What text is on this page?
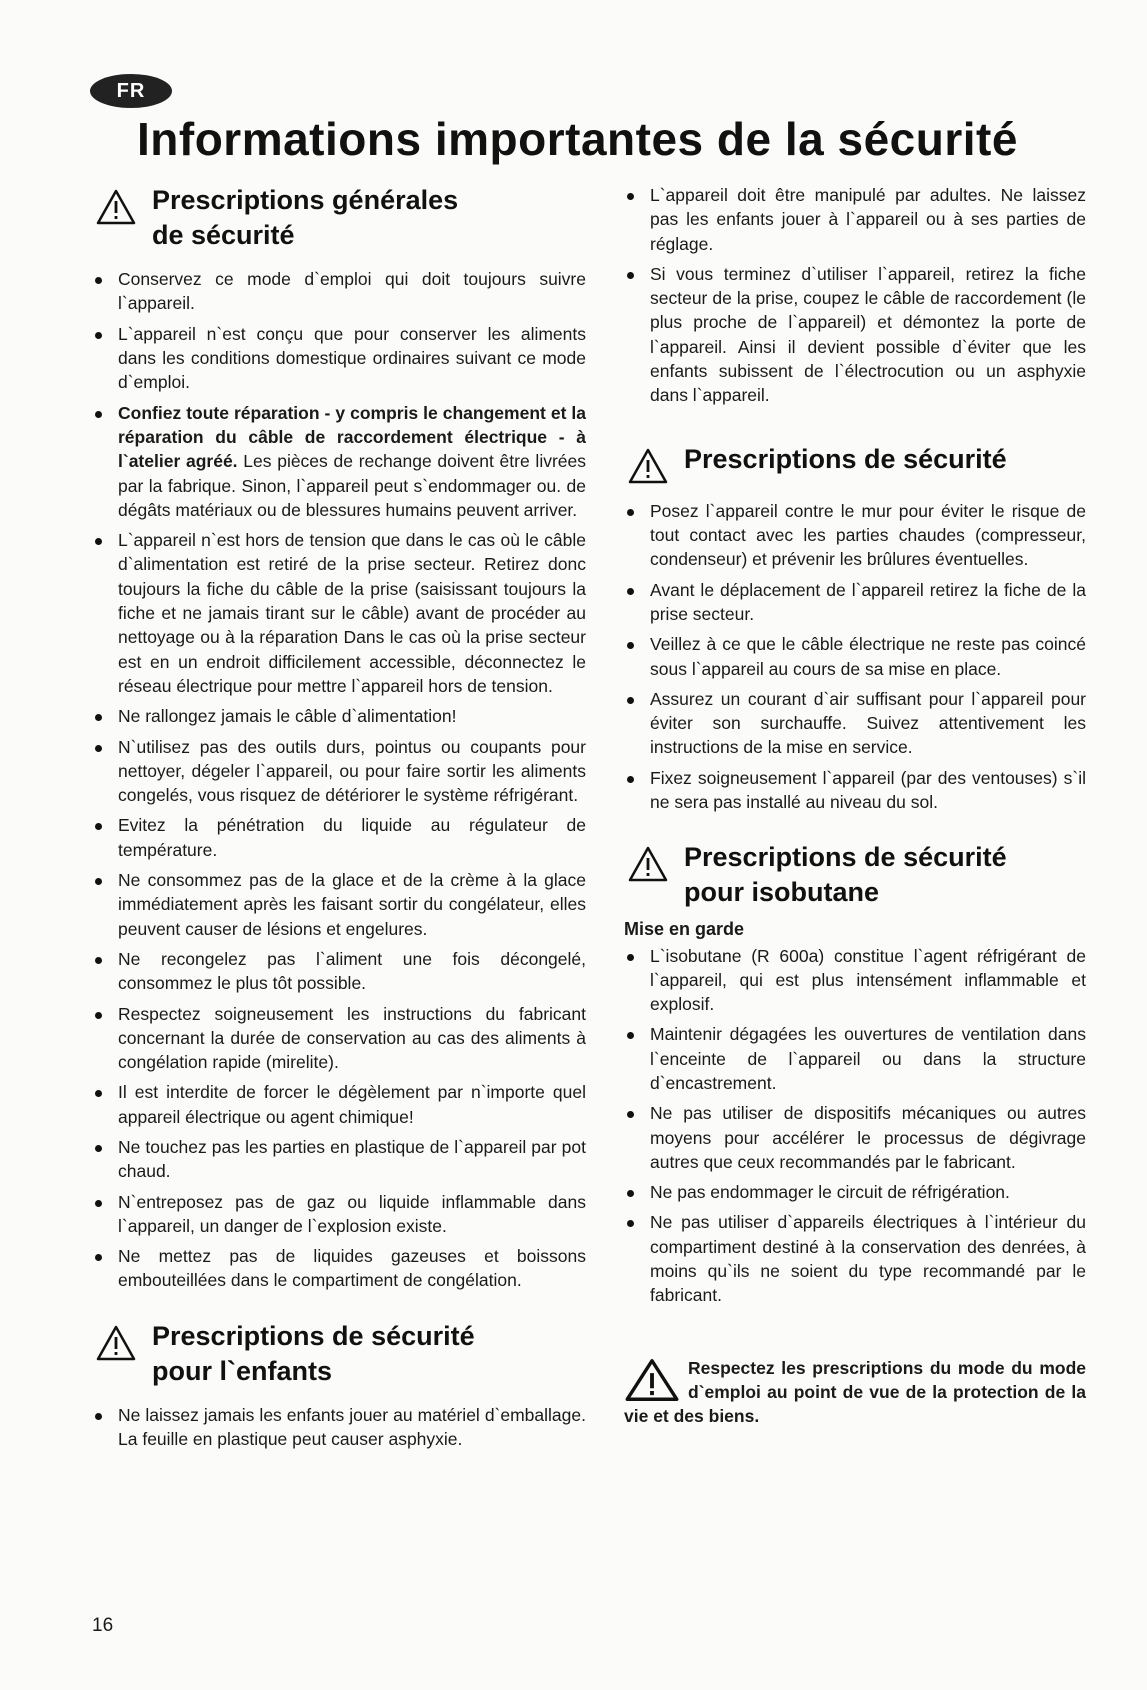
FR
Informations importantes de la sécurité

Prescriptions générales

de sécurité

Conservez ce mode d`emploi qui doit toujours suivre l`appareil.
L`appareil n`est conçu que pour conserver les aliments dans les conditions domestique ordinaires suivant ce mode d`emploi.
Confiez toute réparation - y compris le changement et la réparation du câble de raccordement électrique - à l`atelier agréé. Les pièces de rechange doivent être livrées par la fabrique. Sinon, l`appareil peut s`endommager ou. de dégâts matériaux ou de blessures humains peuvent arriver.
L`appareil n`est hors de tension que dans le cas où le câble d`alimentation est retiré de la prise secteur. Retirez donc toujours la fiche du câble de la prise (saisissant toujours la fiche et ne jamais tirant sur le câble) avant de procéder au nettoyage ou à la réparation Dans le cas où la prise secteur est en un endroit difficilement accessible, déconnectez le réseau électrique pour mettre l`appareil hors de tension.
Ne rallongez jamais le câble d`alimentation!
N`utilisez pas des outils durs, pointus ou coupants pour nettoyer, dégeler l`appareil, ou pour faire sortir les aliments congelés, vous risquez de détériorer le système réfrigérant.
Evitez la pénétration du liquide au régulateur de température.
Ne consommez pas de la glace et de la crème à la glace immédiatement après les faisant sortir du congélateur, elles peuvent causer de lésions et engelures.
Ne recongelez pas l`aliment une fois décongelé, consommez le plus tôt possible.
Respectez soigneusement les instructions du fabricant concernant la durée de conservation au cas des aliments à congélation rapide (mirelite).
Il est interdite de forcer le dégèlement par n`importe quel appareil électrique ou agent chimique!
Ne touchez pas les parties en plastique de l`appareil par pot chaud.
N`entreposez pas de gaz ou liquide inflammable dans l`appareil, un danger de l`explosion existe.
Ne mettez pas de liquides gazeuses et boissons embouteillées dans le compartiment de congélation.

Prescriptions de sécurité

pour l`enfants

Ne laissez jamais les enfants jouer au matériel d`emballage. La feuille en plastique peut causer asphyxie.
L`appareil doit être manipulé par adultes. Ne laissez pas les enfants jouer à l`appareil ou à ses parties de réglage.
Si vous terminez d`utiliser l`appareil, retirez la fiche secteur de la prise, coupez le câble de raccordement (le plus proche de l`appareil) et démontez la porte de l`appareil. Ainsi il devient possible d`éviter que les enfants subissent de l`électrocution ou un asphyxie dans l`appareil.

Prescriptions de sécurité

Posez l`appareil contre le mur pour éviter le risque de tout contact avec les parties chaudes (compresseur, condenseur) et prévenir les brûlures éventuelles.
Avant le déplacement de l`appareil retirez la fiche de la prise secteur.
Veillez à ce que le câble électrique ne reste pas coincé sous l`appareil au cours de sa mise en place.
Assurez un courant d`air suffisant pour l`appareil pour éviter son surchauffe. Suivez attentivement les instructions de la mise en service.
Fixez soigneusement l`appareil (par des ventouses) s`il ne sera pas installé au niveau du sol.

Prescriptions de sécurité

pour isobutane

Mise en garde

L`isobutane (R 600a) constitue l`agent réfrigérant de l`appareil, qui est plus intensément inflammable et explosif.
Maintenir dégagées les ouvertures de ventilation dans l`enceinte de l`appareil ou dans la structure d`encastrement.
Ne pas utiliser de dispositifs mécaniques ou autres moyens pour accélérer le processus de dégivrage autres que ceux recommandés par le fabricant.
Ne pas endommager le circuit de réfrigération.
Ne pas utiliser d`appareils électriques à l`intérieur du compartiment destiné à la conservation des denrées, à moins qu`ils ne soient du type recommandé par le fabricant.
Respectez les prescriptions du mode du mode d`emploi au point de vue de la protection de la vie et des biens.
16
